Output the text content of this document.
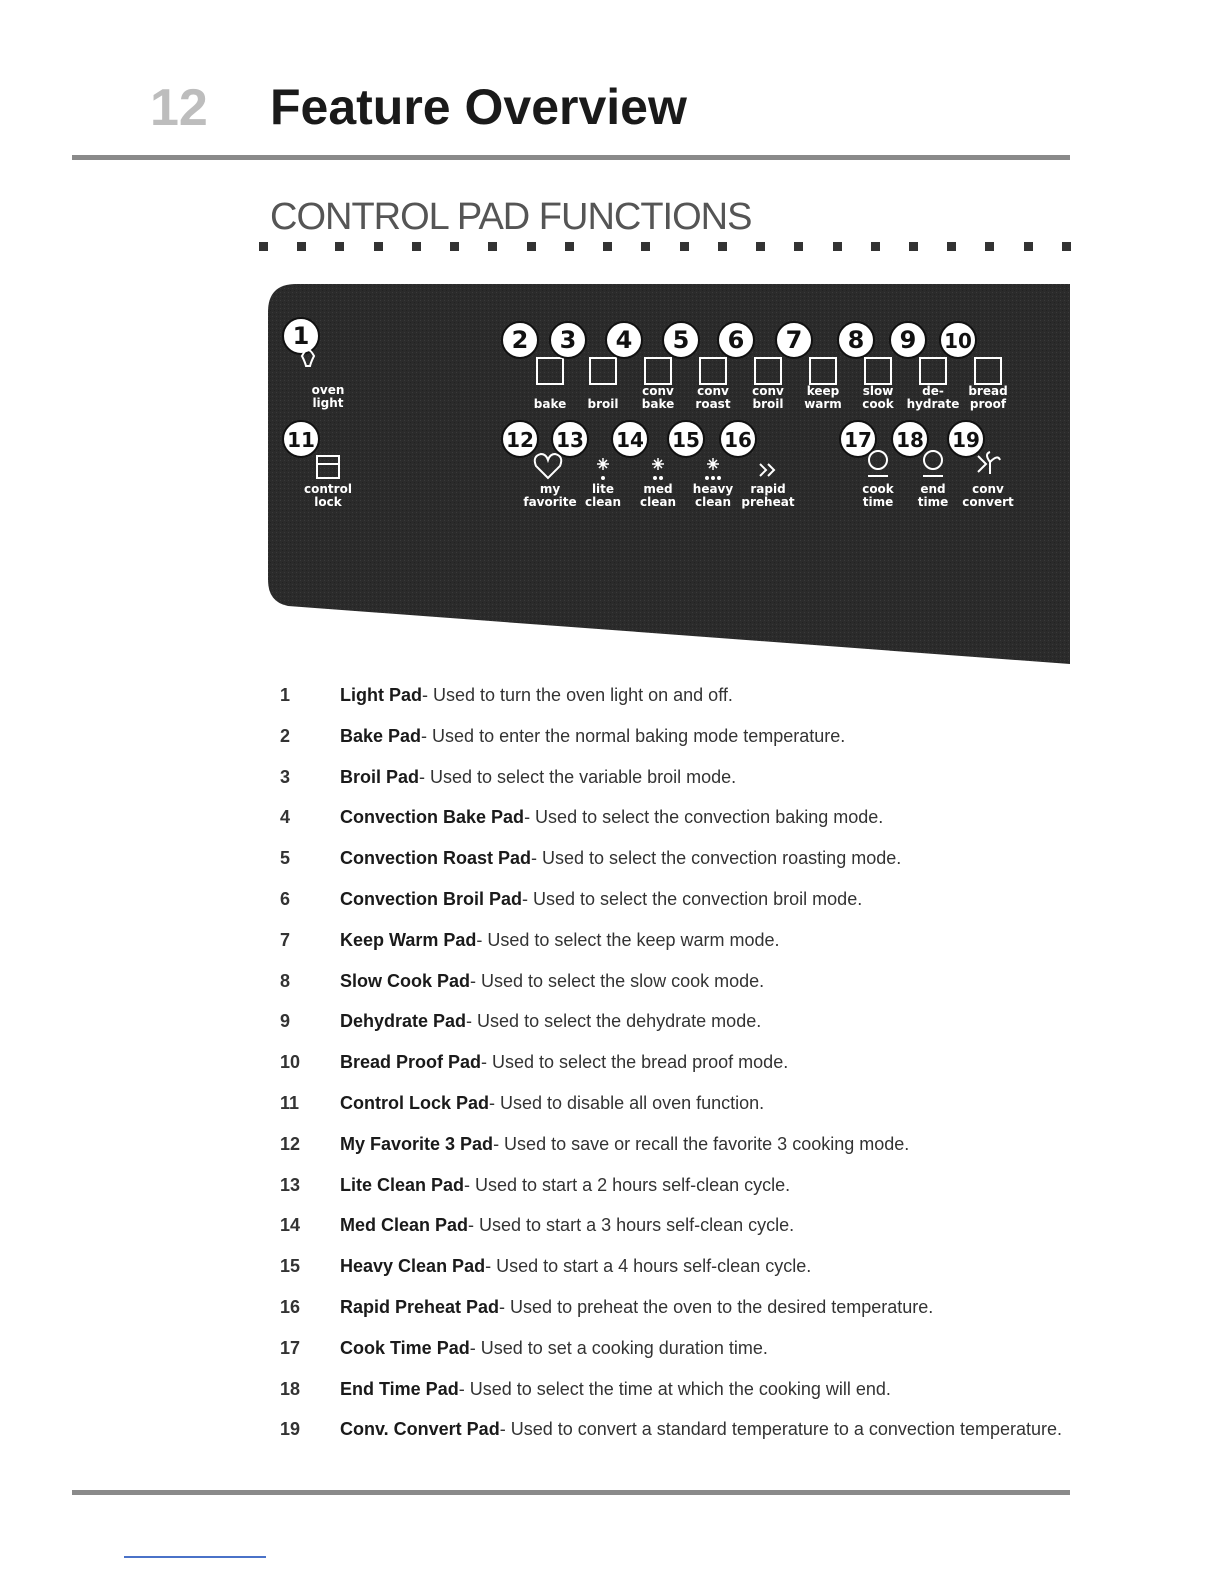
12 Feature Overview
CONTROL PAD FUNCTIONS
1
oven
light
2
bake
3
broil
4
conv
bake
5
conv
roast
6
conv
broil
7
keep
warm
8
slow
cook
9
de-
hydrate
10
bread
proof
11
control
lock
12
my
favorite
13
lite
clean
14
med
clean
15
heavy
clean
16
rapid
preheat
17
cook
time
18
end
time
19
conv
convert
1	Light Pad- Used to turn the oven light on and off.
2	Bake Pad- Used to enter the normal baking mode temperature.
3	Broil Pad- Used to select the variable broil mode.
4	Convection Bake Pad- Used to select the convection baking mode.
5	Convection Roast Pad- Used to select the convection roasting mode.
6	Convection Broil Pad- Used to select the convection broil mode.
7	Keep Warm Pad- Used to select the keep warm mode.
8	Slow Cook Pad- Used to select the slow cook mode.
9	Dehydrate Pad- Used to select the dehydrate mode.
10	Bread Proof Pad- Used to select the bread proof mode.
11	Control Lock Pad- Used to disable all oven function.
12	My Favorite 3 Pad- Used to save or recall the favorite 3 cooking mode.
13	Lite Clean Pad- Used to start a 2 hours self-clean cycle.
14	Med Clean Pad- Used to start a 3 hours self-clean cycle.
15	Heavy Clean Pad- Used to start a 4 hours self-clean cycle.
16	Rapid Preheat Pad- Used to preheat the oven to the desired temperature.
17	Cook Time Pad- Used to set a cooking duration time.
18	End Time Pad- Used to select the time at which the cooking will end.
19	Conv. Convert Pad- Used to convert a standard temperature to a convection temperature.
